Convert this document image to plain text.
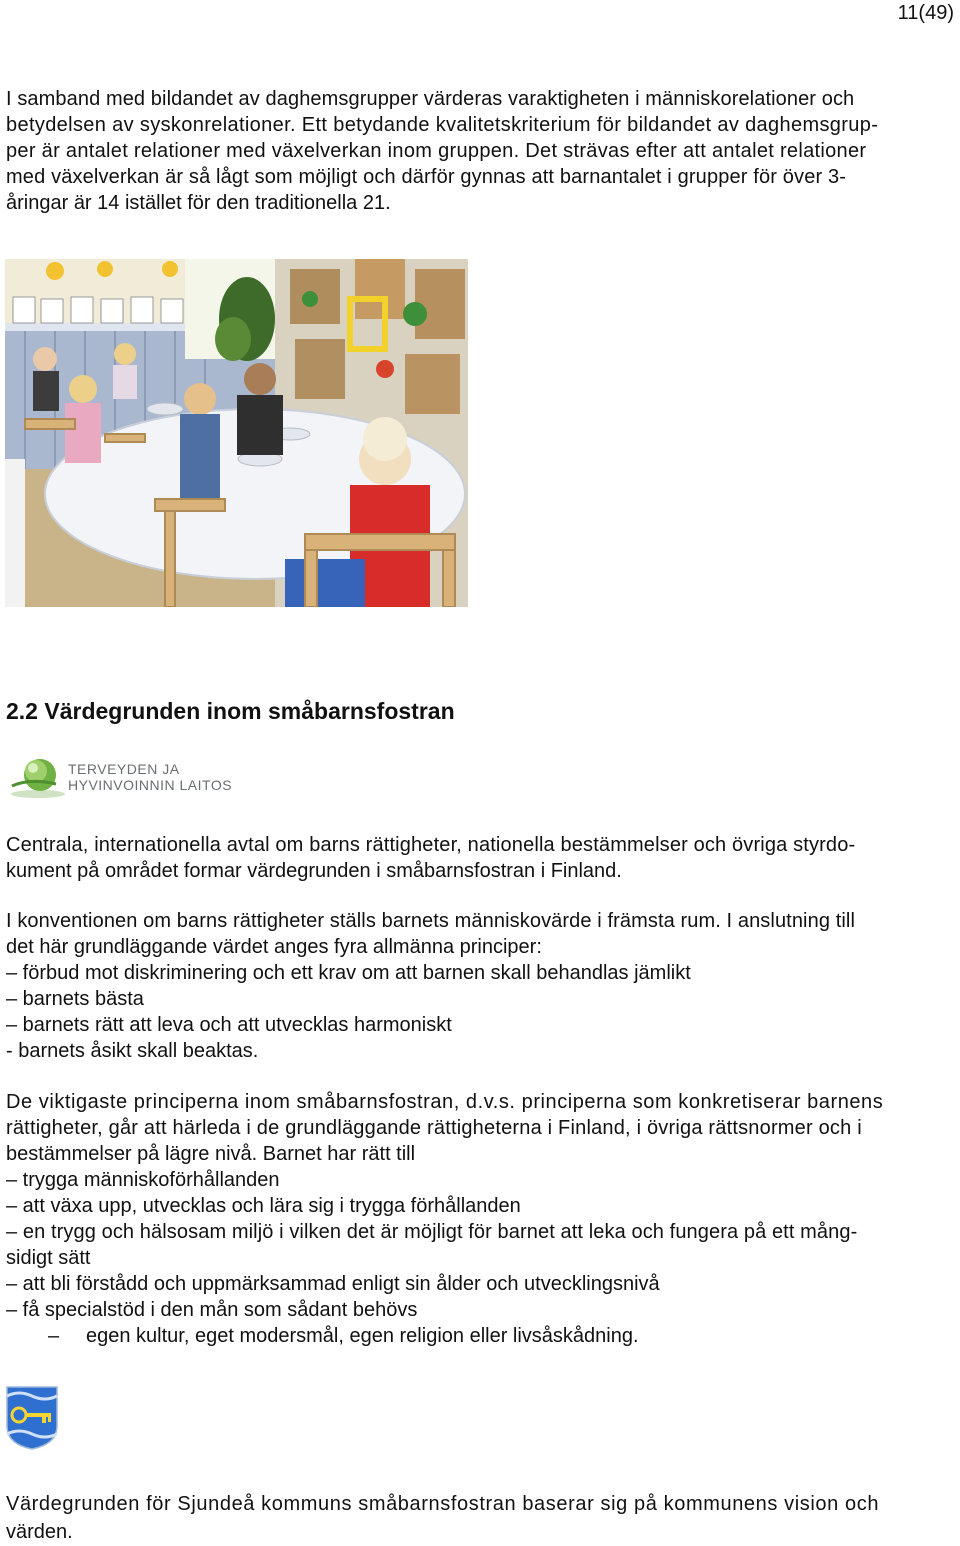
11(49)
I samband med bildandet av daghemsgrupper värderas varaktigheten i människorelationer och
betydelsen av syskonrelationer. Ett betydande kvalitetskriterium för bildandet av daghemsgrup-
per är antalet relationer med växelverkan inom gruppen. Det strävas efter att antalet relationer
med växelverkan är så lågt som möjligt och därför gynnas att barnantalet i grupper för över 3-
åringar är 14 istället för den traditionella 21.
2.2 Värdegrunden inom småbarnsfostran
TERVEYDEN JA
HYVINVOINNIN LAITOS
Centrala, internationella avtal om barns rättigheter, nationella bestämmelser och övriga styrdo-
kument på området formar värdegrunden i småbarnsfostran i Finland.
I konventionen om barns rättigheter ställs barnets människovärde i främsta rum. I anslutning till
det här grundläggande värdet anges fyra allmänna principer:
– förbud mot diskriminering och ett krav om att barnen skall behandlas jämlikt
– barnets bästa
– barnets rätt att leva och att utvecklas harmoniskt
- barnets åsikt skall beaktas.
De viktigaste principerna inom småbarnsfostran, d.v.s. principerna som konkretiserar barnens
rättigheter, går att härleda i de grundläggande rättigheterna i Finland, i övriga rättsnormer och i
bestämmelser på lägre nivå. Barnet har rätt till
– trygga människoförhållanden
– att växa upp, utvecklas och lära sig i trygga förhållanden
– en trygg och hälsosam miljö i vilken det är möjligt för barnet att leka och fungera på ett mång-
sidigt sätt
– att bli förstådd och uppmärksammad enligt sin ålder och utvecklingsnivå
– få specialstöd i den mån som sådant behövs
– egen kultur, eget modersmål, egen religion eller livsåskådning.
Värdegrunden för Sjundeå kommuns småbarnsfostran baserar sig på kommunens vision och
värden.
